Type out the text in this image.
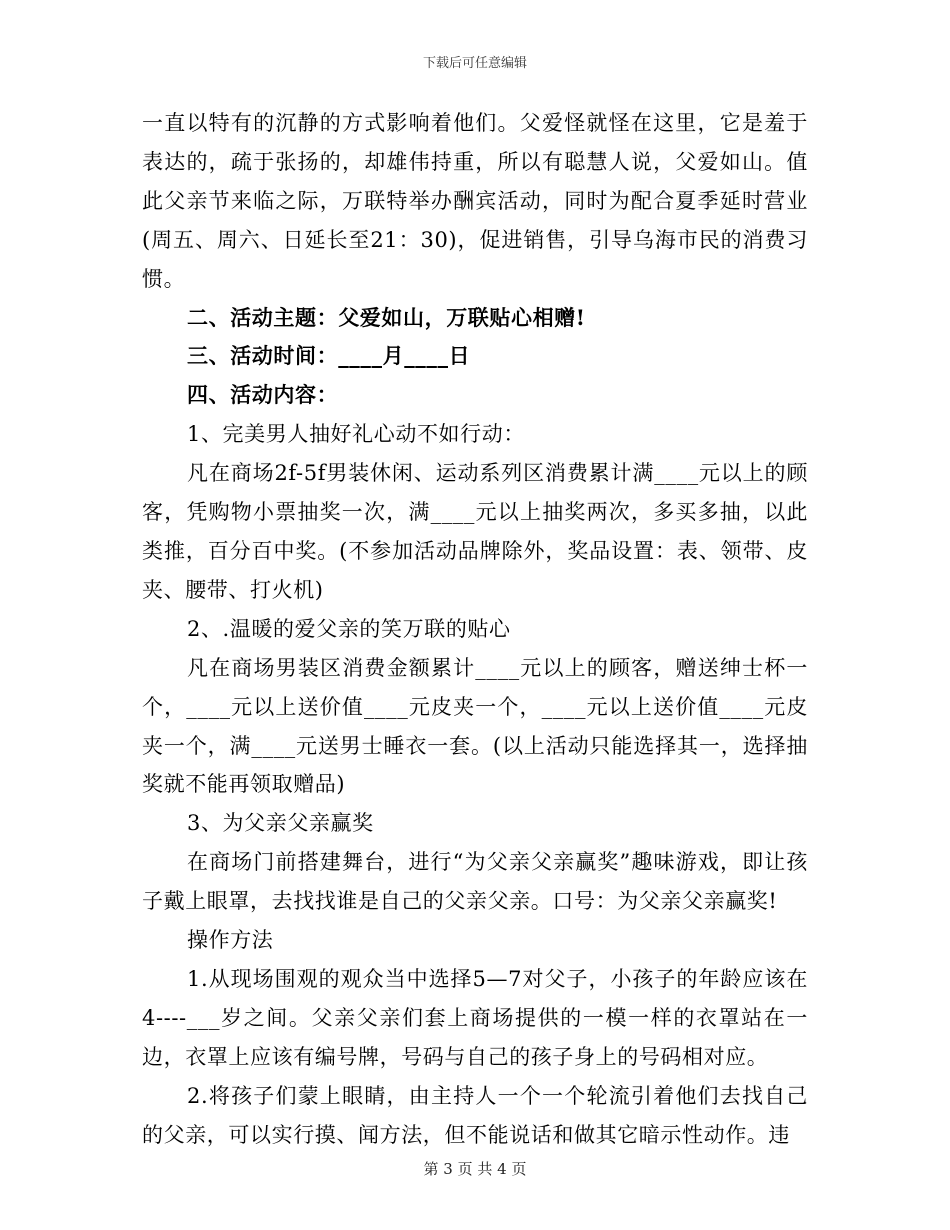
下载后可任意编辑

一直以特有的沉静的方式影响着他们。父爱怪就怪在这里，它是羞于表达的，疏于张扬的，却雄伟持重，所以有聪慧人说，父爱如山。值此父亲节来临之际，万联特举办酬宾活动，同时为配合夏季延时营业(周五、周六、日延长至21：30)，促进销售，引导乌海市民的消费习惯。

二、活动主题：父爱如山，万联贴心相赠!

三、活动时间：____月____日

四、活动内容：

1、完美男人抽好礼心动不如行动：

凡在商场2f-5f男装休闲、运动系列区消费累计满____元以上的顾客，凭购物小票抽奖一次，满____元以上抽奖两次，多买多抽，以此类推，百分百中奖。(不参加活动品牌除外，奖品设置：表、领带、皮夹、腰带、打火机)

2、.温暖的爱父亲的笑万联的贴心

凡在商场男装区消费金额累计____元以上的顾客，赠送绅士杯一个，____元以上送价值____元皮夹一个，____元以上送价值____元皮夹一个，满____元送男士睡衣一套。(以上活动只能选择其一，选择抽奖就不能再领取赠品)

3、为父亲父亲赢奖

在商场门前搭建舞台，进行“为父亲父亲赢奖”趣味游戏，即让孩子戴上眼罩，去找找谁是自己的父亲父亲。口号：为父亲父亲赢奖!

操作方法

1.从现场围观的观众当中选择5—7对父子，小孩子的年龄应该在4----___岁之间。父亲父亲们套上商场提供的一模一样的衣罩站在一边，衣罩上应该有编号牌，号码与自己的孩子身上的号码相对应。

2.将孩子们蒙上眼睛，由主持人一个一个轮流引着他们去找自己的父亲，可以实行摸、闻方法，但不能说话和做其它暗示性动作。违

第 3 页 共 4 页
